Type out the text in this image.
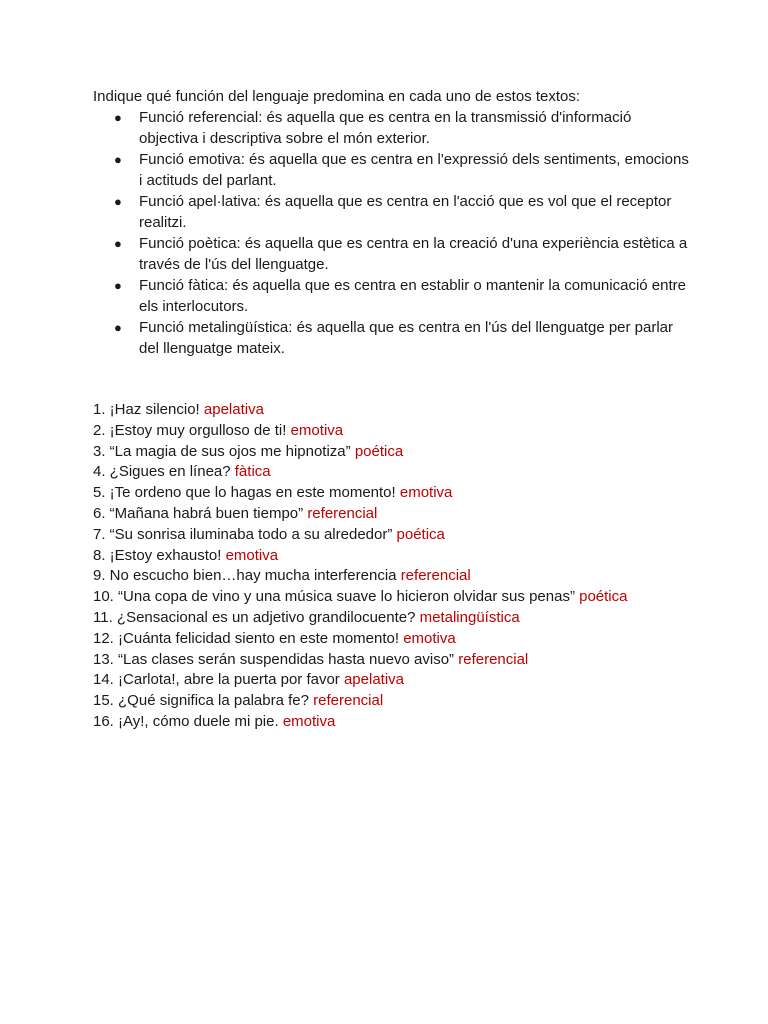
Indique qué función del lenguaje predomina en cada uno de estos textos:

● Funció referencial: és aquella que es centra en la transmissió d'informació objectiva i descriptiva sobre el món exterior.
● Funció emotiva: és aquella que es centra en l'expressió dels sentiments, emocions i actituds del parlant.
● Funció apel·lativa: és aquella que es centra en l'acció que es vol que el receptor realitzi.
● Funció poètica: és aquella que es centra en la creació d'una experiència estètica a través de l'ús del llenguatge.
● Funció fàtica: és aquella que es centra en establir o mantenir la comunicació entre els interlocutors.
● Funció metalingüística: és aquella que es centra en l'ús del llenguatge per parlar del llenguatge mateix.
1. ¡Haz silencio! apelativa
2. ¡Estoy muy orgulloso de ti! emotiva
3. “La magia de sus ojos me hipnotiza” poética
4. ¿Sigues en línea? fàtica
5. ¡Te ordeno que lo hagas en este momento! emotiva
6. “Mañana habrá buen tiempo” referencial
7. “Su sonrisa iluminaba todo a su alrededor” poética
8. ¡Estoy exhausto! emotiva
9. No escucho bien…hay mucha interferencia referencial
10. “Una copa de vino y una música suave lo hicieron olvidar sus penas” poética
11. ¿Sensacional es un adjetivo grandilocuente? metalingüística
12. ¡Cuánta felicidad siento en este momento! emotiva
13. “Las clases serán suspendidas hasta nuevo aviso” referencial
14. ¡Carlota!, abre la puerta por favor apelativa
15. ¿Qué significa la palabra fe? referencial
16. ¡Ay!, cómo duele mi pie. emotiva
